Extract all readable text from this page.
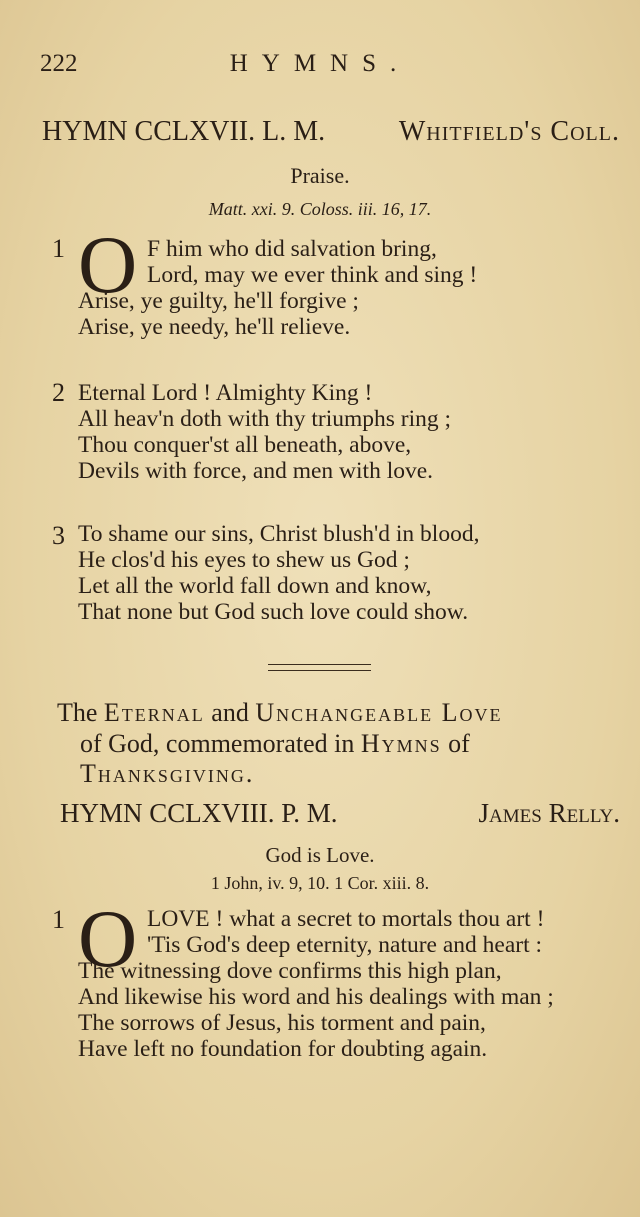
222	HYMNS.
HYMN CCLXVII. L. M.	Whitfield's Coll.
Praise.
Matt. xxi. 9. Coloss. iii. 16, 17.
1 O F him who did salvation bring,
Lord, may we ever think and sing !
Arise, ye guilty, he'll forgive ;
Arise, ye needy, he'll relieve.
2 Eternal Lord ! Almighty King !
All heav'n doth with thy triumphs ring ;
Thou conquer'st all beneath, above,
Devils with force, and men with love.
3 To shame our sins, Christ blush'd in blood,
He clos'd his eyes to shew us God ;
Let all the world fall down and know,
That none but God such love could show.
The Eternal and Unchangeable Love
of God, commemorated in Hymns of
Thanksgiving.
HYMN CCLXVIII. P. M.	James Relly.
God is Love.
1 John, iv. 9, 10. 1 Cor. xiii. 8.
1 O LOVE ! what a secret to mortals thou art !
'Tis God's deep eternity, nature and heart :
The witnessing dove confirms this high plan,
And likewise his word and his dealings with man ;
The sorrows of Jesus, his torment and pain,
Have left no foundation for doubting again.
